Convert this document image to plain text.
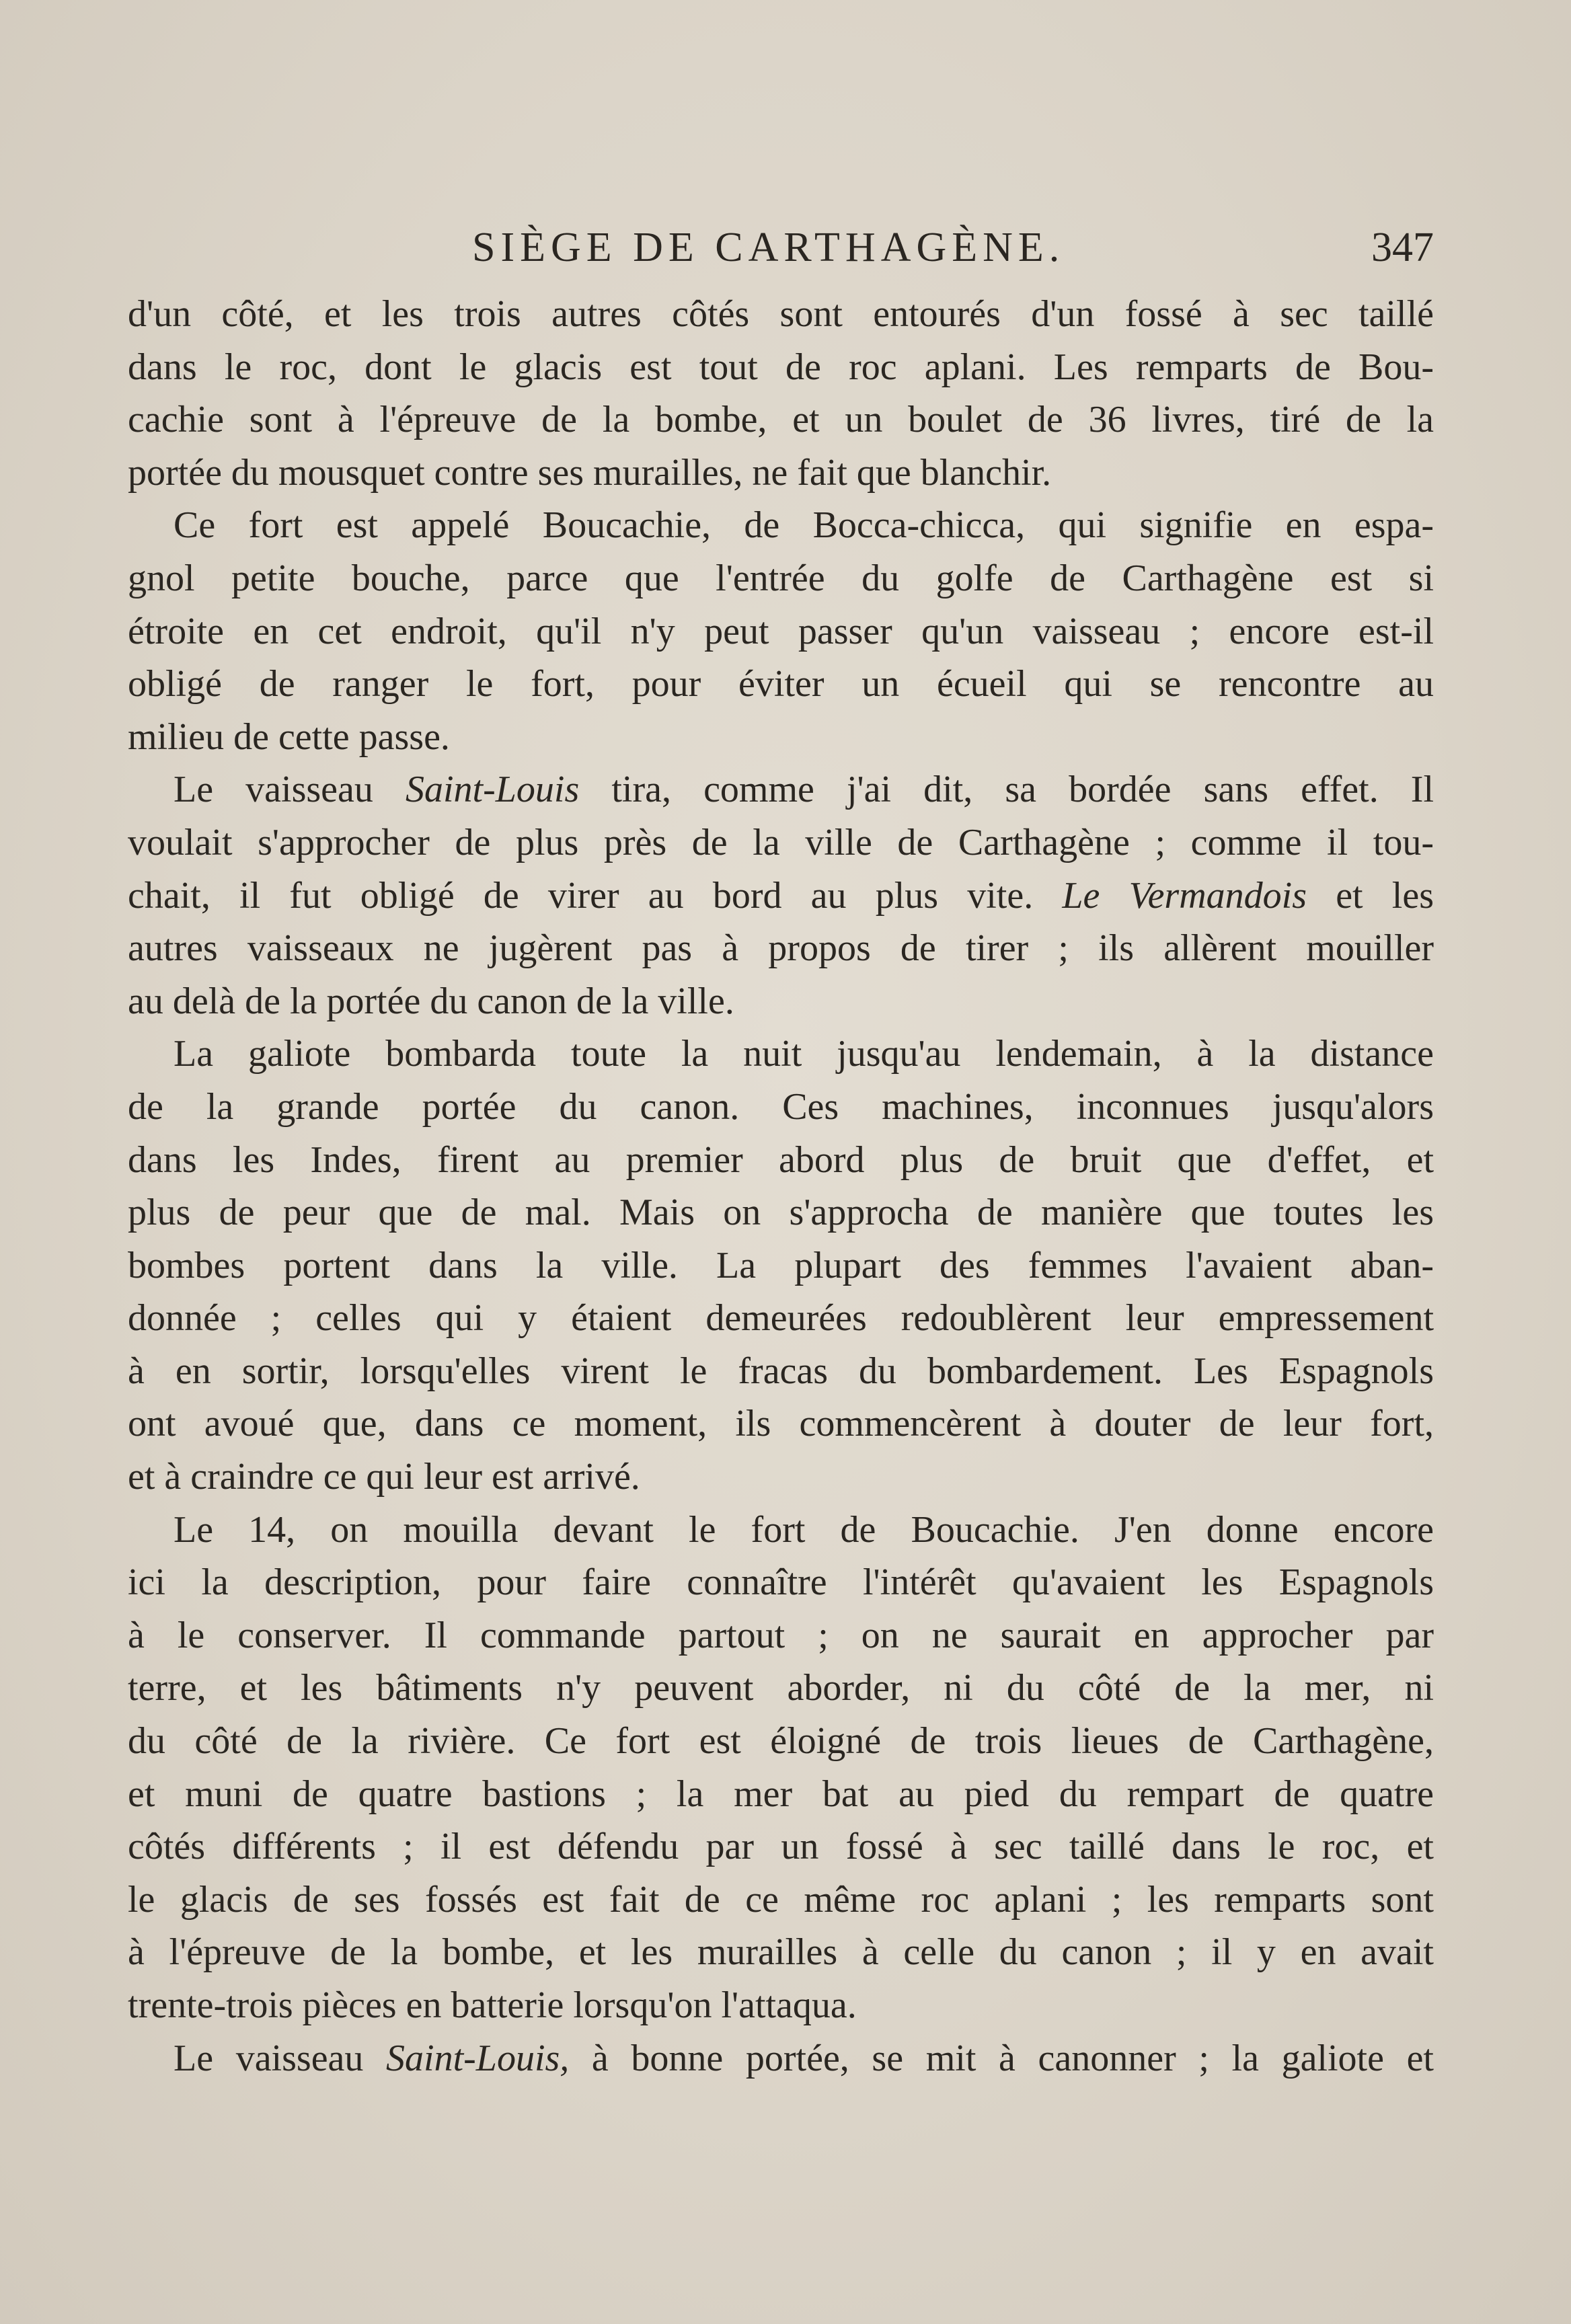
SIÈGE DE CARTHAGÈNE.	347
d'un côté, et les trois autres côtés sont entourés d'un fossé à sec taillé
dans le roc, dont le glacis est tout de roc aplani. Les remparts de Bou-
cachie sont à l'épreuve de la bombe, et un boulet de 36 livres, tiré de la
portée du mousquet contre ses murailles, ne fait que blanchir.
Ce fort est appelé Boucachie, de Bocca-chicca, qui signifie en espa-
gnol petite bouche, parce que l'entrée du golfe de Carthagène est si
étroite en cet endroit, qu'il n'y peut passer qu'un vaisseau ; encore est-il
obligé de ranger le fort, pour éviter un écueil qui se rencontre au
milieu de cette passe.
Le vaisseau Saint-Louis tira, comme j'ai dit, sa bordée sans effet. Il
voulait s'approcher de plus près de la ville de Carthagène ; comme il tou-
chait, il fut obligé de virer au bord au plus vite. Le Vermandois et les
autres vaisseaux ne jugèrent pas à propos de tirer ; ils allèrent mouiller
au delà de la portée du canon de la ville.
La galiote bombarda toute la nuit jusqu'au lendemain, à la distance
de la grande portée du canon. Ces machines, inconnues jusqu'alors
dans les Indes, firent au premier abord plus de bruit que d'effet, et
plus de peur que de mal. Mais on s'approcha de manière que toutes les
bombes portent dans la ville. La plupart des femmes l'avaient aban-
donnée ; celles qui y étaient demeurées redoublèrent leur empressement
à en sortir, lorsqu'elles virent le fracas du bombardement. Les Espagnols
ont avoué que, dans ce moment, ils commencèrent à douter de leur fort,
et à craindre ce qui leur est arrivé.
Le 14, on mouilla devant le fort de Boucachie. J'en donne encore
ici la description, pour faire connaître l'intérêt qu'avaient les Espagnols
à le conserver. Il commande partout ; on ne saurait en approcher par
terre, et les bâtiments n'y peuvent aborder, ni du côté de la mer, ni
du côté de la rivière. Ce fort est éloigné de trois lieues de Carthagène,
et muni de quatre bastions ; la mer bat au pied du rempart de quatre
côtés différents ; il est défendu par un fossé à sec taillé dans le roc, et
le glacis de ses fossés est fait de ce même roc aplani ; les remparts sont
à l'épreuve de la bombe, et les murailles à celle du canon ; il y en avait
trente-trois pièces en batterie lorsqu'on l'attaqua.
Le vaisseau Saint-Louis, à bonne portée, se mit à canonner ; la galiote et
